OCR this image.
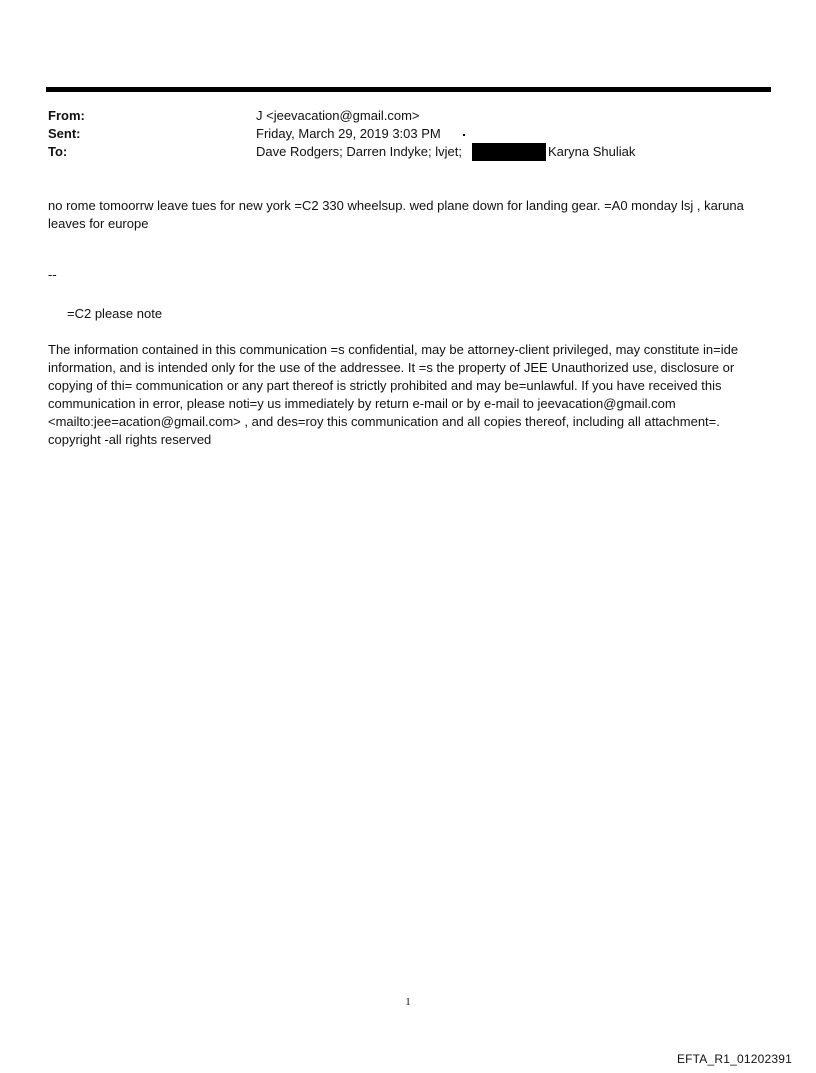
From:	J <jeevacation@gmail.com>
Sent:	Friday, March 29, 2019 3:03 PM
To:	Dave Rodgers; Darren Indyke; lvjet;	Karyna Shuliak
no rome tomoorrw leave tues for new york =C2 330 wheelsup. wed plane down for landing gear. =A0 monday lsj , karuna leaves for europe
--
=C2 please note
The information contained in this communication =s confidential, may be attorney-client privileged, may constitute in=ide information, and is intended only for the use of the addressee. It =s the property of JEE Unauthorized use, disclosure or copying of thi= communication or any part thereof is strictly prohibited and may be=unlawful. If you have received this communication in error, please noti=y us immediately by return e-mail or by e-mail to jeevacation@gmail.com <mailto:jee=acation@gmail.com> , and des=roy this communication and all copies thereof, including all attachment=. copyright -all rights reserved
1
EFTA_R1_01202391
